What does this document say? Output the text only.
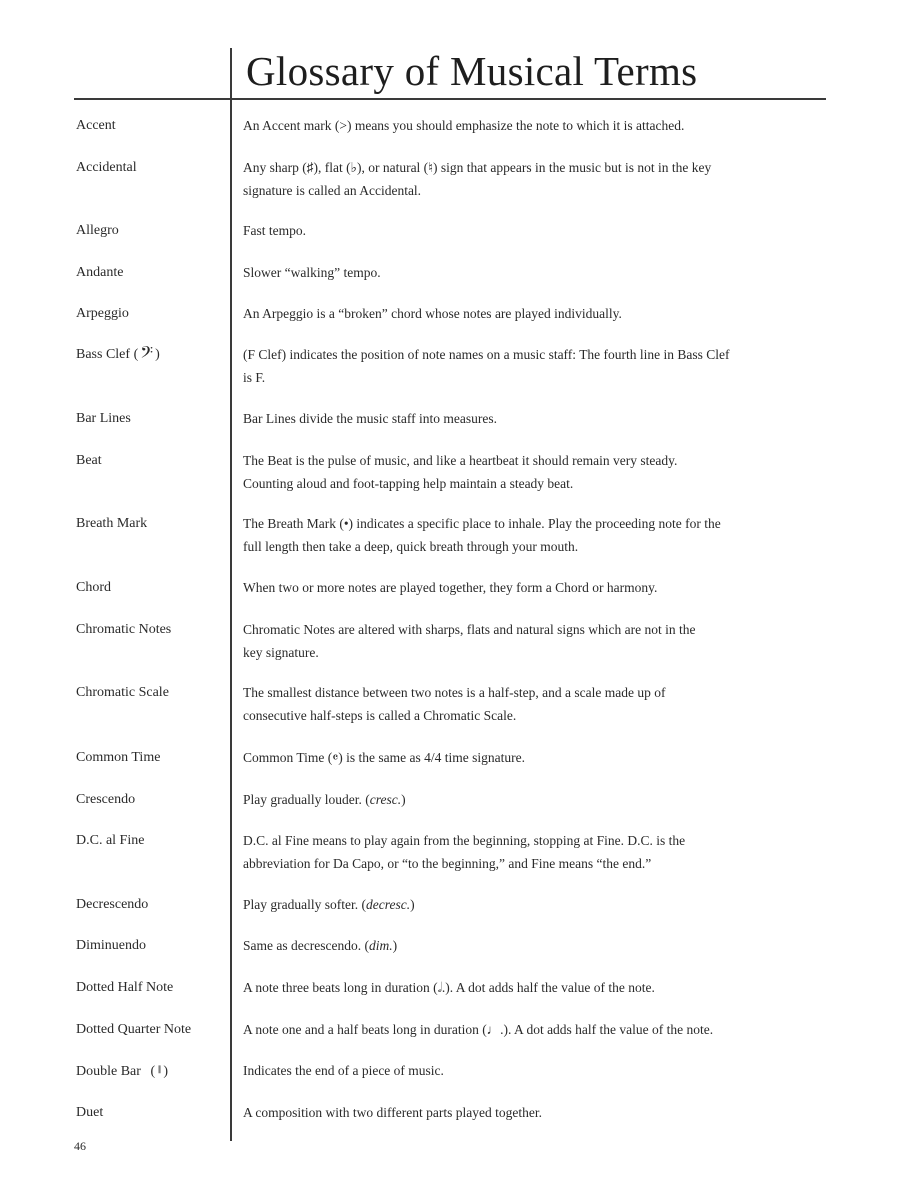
Glossary of Musical Terms
Accent	An Accent mark (>) means you should emphasize the note to which it is attached.
Accidental	Any sharp (♯), flat (♭), or natural (♮) sign that appears in the music but is not in the key
signature is called an Accidental.
Allegro	Fast tempo.
Andante	Slower “walking” tempo.
Arpeggio	An Arpeggio is a “broken” chord whose notes are played individually.
Bass Clef ( 𝄢 )	(F Clef) indicates the position of note names on a music staff: The fourth line in Bass Clef
is F.
Bar Lines	Bar Lines divide the music staff into measures.
Beat	The Beat is the pulse of music, and like a heartbeat it should remain very steady.
Counting aloud and foot-tapping help maintain a steady beat.
Breath Mark	The Breath Mark (•) indicates a specific place to inhale. Play the proceeding note for the
full length then take a deep, quick breath through your mouth.
Chord	When two or more notes are played together, they form a Chord or harmony.
Chromatic Notes	Chromatic Notes are altered with sharps, flats and natural signs which are not in the
key signature.
Chromatic Scale	The smallest distance between two notes is a half-step, and a scale made up of
consecutive half-steps is called a Chromatic Scale.
Common Time	Common Time (𝄴) is the same as 4/4 time signature.
Crescendo	Play gradually louder. (cresc.)
D.C. al Fine	D.C. al Fine means to play again from the beginning, stopping at Fine. D.C. is the
abbreviation for Da Capo, or “to the beginning,” and Fine means “the end.”
Decrescendo	Play gradually softer. (decresc.)
Diminuendo	Same as decrescendo. (dim.)
Dotted Half Note	A note three beats long in duration (𝅗𝅥.). A dot adds half the value of the note.
Dotted Quarter Note	A note one and a half beats long in duration (♩.). A dot adds half the value of the note.
Double Bar ( 𝄂 )	Indicates the end of a piece of music.
Duet	A composition with two different parts played together.
46
